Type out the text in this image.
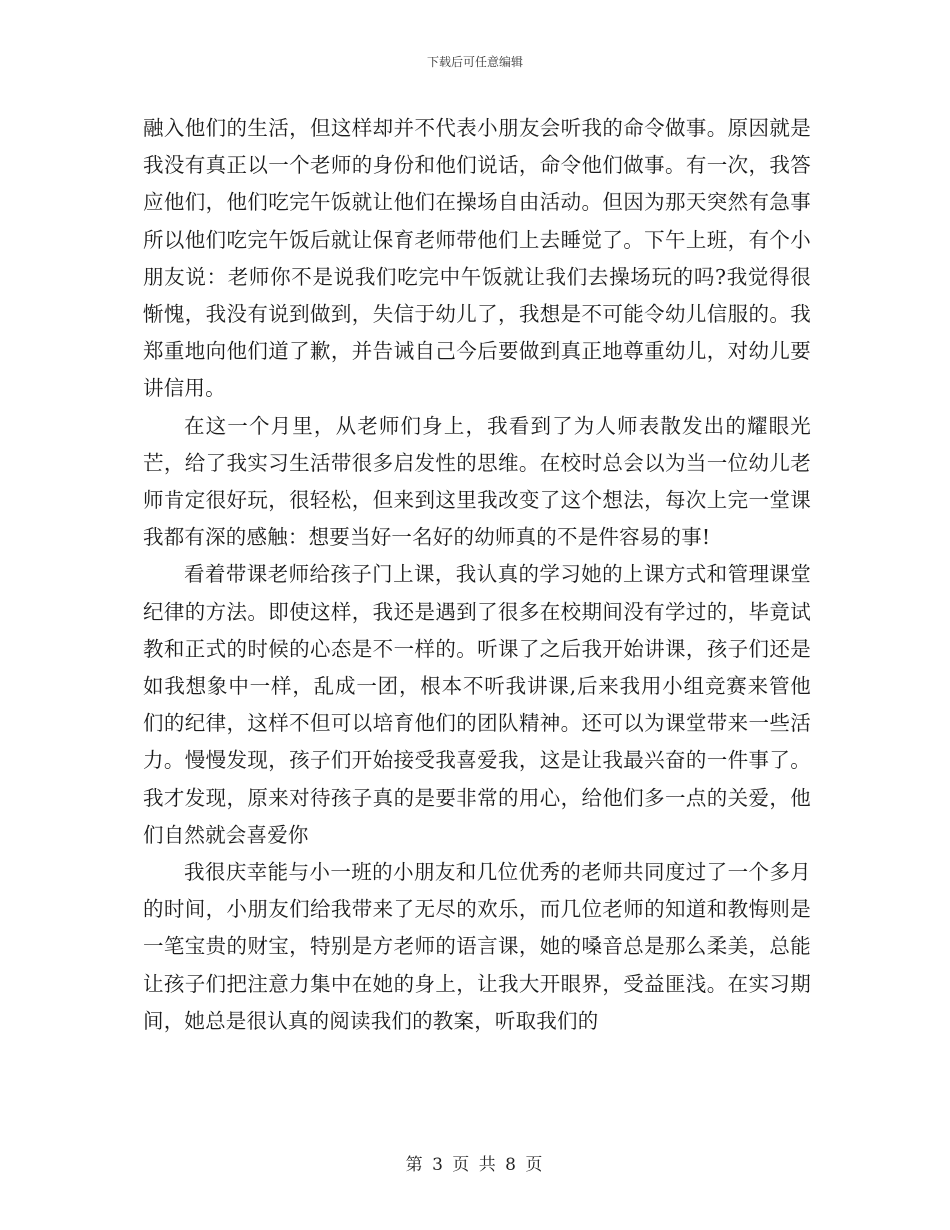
下载后可任意编辑

融入他们的生活，但这样却并不代表小朋友会听我的命令做事。原因就是我没有真正以一个老师的身份和他们说话，命令他们做事。有一次，我答应他们，他们吃完午饭就让他们在操场自由活动。但因为那天突然有急事所以他们吃完午饭后就让保育老师带他们上去睡觉了。下午上班，有个小朋友说：老师你不是说我们吃完中午饭就让我们去操场玩的吗?我觉得很惭愧，我没有说到做到，失信于幼儿了，我想是不可能令幼儿信服的。我郑重地向他们道了歉，并告诫自己今后要做到真正地尊重幼儿，对幼儿要讲信用。

在这一个月里，从老师们身上，我看到了为人师表散发出的耀眼光芒，给了我实习生活带很多启发性的思维。在校时总会以为当一位幼儿老师肯定很好玩，很轻松，但来到这里我改变了这个想法，每次上完一堂课我都有深的感触：想要当好一名好的幼师真的不是件容易的事!

看着带课老师给孩子门上课，我认真的学习她的上课方式和管理课堂纪律的方法。即使这样，我还是遇到了很多在校期间没有学过的，毕竟试教和正式的时候的心态是不一样的。听课了之后我开始讲课，孩子们还是如我想象中一样，乱成一团，根本不听我讲课,后来我用小组竞赛来管他们的纪律，这样不但可以培育他们的团队精神。还可以为课堂带来一些活力。慢慢发现，孩子们开始接受我喜爱我，这是让我最兴奋的一件事了。我才发现，原来对待孩子真的是要非常的用心，给他们多一点的关爱，他们自然就会喜爱你

我很庆幸能与小一班的小朋友和几位优秀的老师共同度过了一个多月的时间，小朋友们给我带来了无尽的欢乐，而几位老师的知道和教悔则是一笔宝贵的财宝，特别是方老师的语言课，她的嗓音总是那么柔美，总能让孩子们把注意力集中在她的身上，让我大开眼界，受益匪浅。在实习期间，她总是很认真的阅读我们的教案，听取我们的

第 3 页 共 8 页
